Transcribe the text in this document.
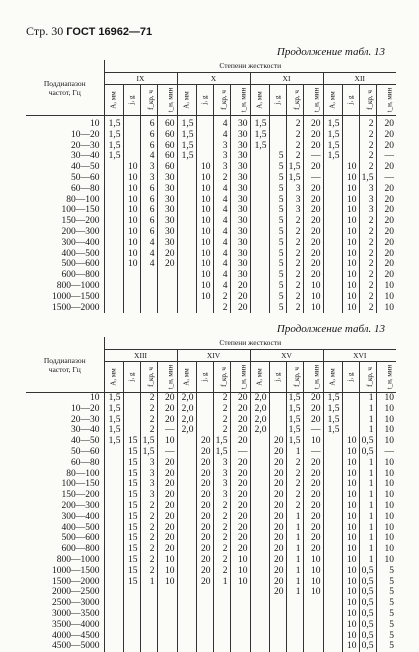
Стр. 30 ГОСТ 16962—71
Продолжение табл. 13
Поддиапазон
частот, Гц	Степени жесткости															
	IX				X				XI				XII			
	A, мм	j, g	f_кр, ч	t_н, мин	A, мм	j, g	f_кр, ч	t_н, мин	A, мм	j, g	f_кр, ч	t_н, мин	A, мм	j, g	f_кр, ч	t_н, мин
10	1,5		6	60	1,5		4	30	1,5		2	20	1,5		2	20
10—20	1,5		6	60	1,5		4	30	1,5		2	20	1,5		2	20
20—30	1,5		6	60	1,5		3	30	1,5		2	20	1,5		2	20
30—40	1,5		4	60	1,5		3	30		5	2	—	1,5		2	—
40—50		10	3	60		10	3	30		5	1,5	20		10	2	20
50—60		10	3	30		10	2	30		5	1,5	—		10	1,5	—
60—80		10	6	30		10	4	30		5	3	20		10	3	20
80—100		10	6	30		10	4	30		5	3	20		10	3	20
100—150		10	6	30		10	4	30		5	3	20		10	3	20
150—200		10	6	30		10	4	30		5	2	20		10	2	20
200—300		10	6	30		10	4	30		5	2	20		10	2	20
300—400		10	4	30		10	4	30		5	2	20		10	2	20
400—500		10	4	20		10	4	30		5	2	20		10	2	20
500—600		10	4	20		10	4	30		5	2	20		10	2	20
600—800						10	4	30		5	2	20		10	2	20
800—1000						10	4	20		5	2	10		10	2	10
1000—1500						10	2	20		5	2	10		10	2	10
1500—2000							2	20		5	2	10		10	2	10
Продолжение табл. 13
Поддиапазон
частот, Гц	Степени жесткости															
	XIII				XIV				XV				XVI			
	A, мм	j, g	f_кр, ч	t_н, мин	A, мм	j, g	f_кр, ч	t_н, мин	A, мм	j, g	f_кр, ч	t_н, мин	A, мм	j, g	f_кр, ч	t_н, мин
10	1,5		2	20	2,0		2	20	2,0		1,5	20	1,5		1	10
10—20	1,5		2	20	2,0		2	20	2,0		1,5	20	1,5		1	10
20—30	1,5		2	20	2,0		2	20	2,0		1,5	20	1,5		1	10
30—40	1,5		2	—	2,0		2	20	2,0		1,5	—	1,5		1	10
40—50	1,5	15	1,5	10		20	1,5	20		20	1,5	10		10	0,5	10
50—60		15	1,5	—		20	1,5	—		20	1	—		10	0,5	—
60—80		15	3	20		20	3	20		20	2	20		10	1	10
80—100		15	3	20		20	3	20		20	2	20		10	1	10
100—150		15	3	20		20	3	20		20	2	20		10	1	10
150—200		15	3	20		20	3	20		20	2	20		10	1	10
200—300		15	2	20		20	2	20		20	2	20		10	1	10
300—400		15	2	20		20	2	20		20	1	20		10	1	10
400—500		15	2	20		20	2	20		20	1	20		10	1	10
500—600		15	2	20		20	2	20		20	1	20		10	1	10
600—800		15	2	20		20	2	20		20	1	20		10	1	10
800—1000		15	2	10		20	2	10		20	1	10		10	1	10
1000—1500		15	2	10		20	2	10		20	1	10		10	0,5	5
1500—2000		15	1	10		20	1	10		20	1	10		10	0,5	5
2000—2500										20	1	10		10	0,5	5
2500—3000														10	0,5	5
3000—3500														10	0,5	5
3500—4000														10	0,5	5
4000—4500														10	0,5	5
4500—5000														10	0,5	5
